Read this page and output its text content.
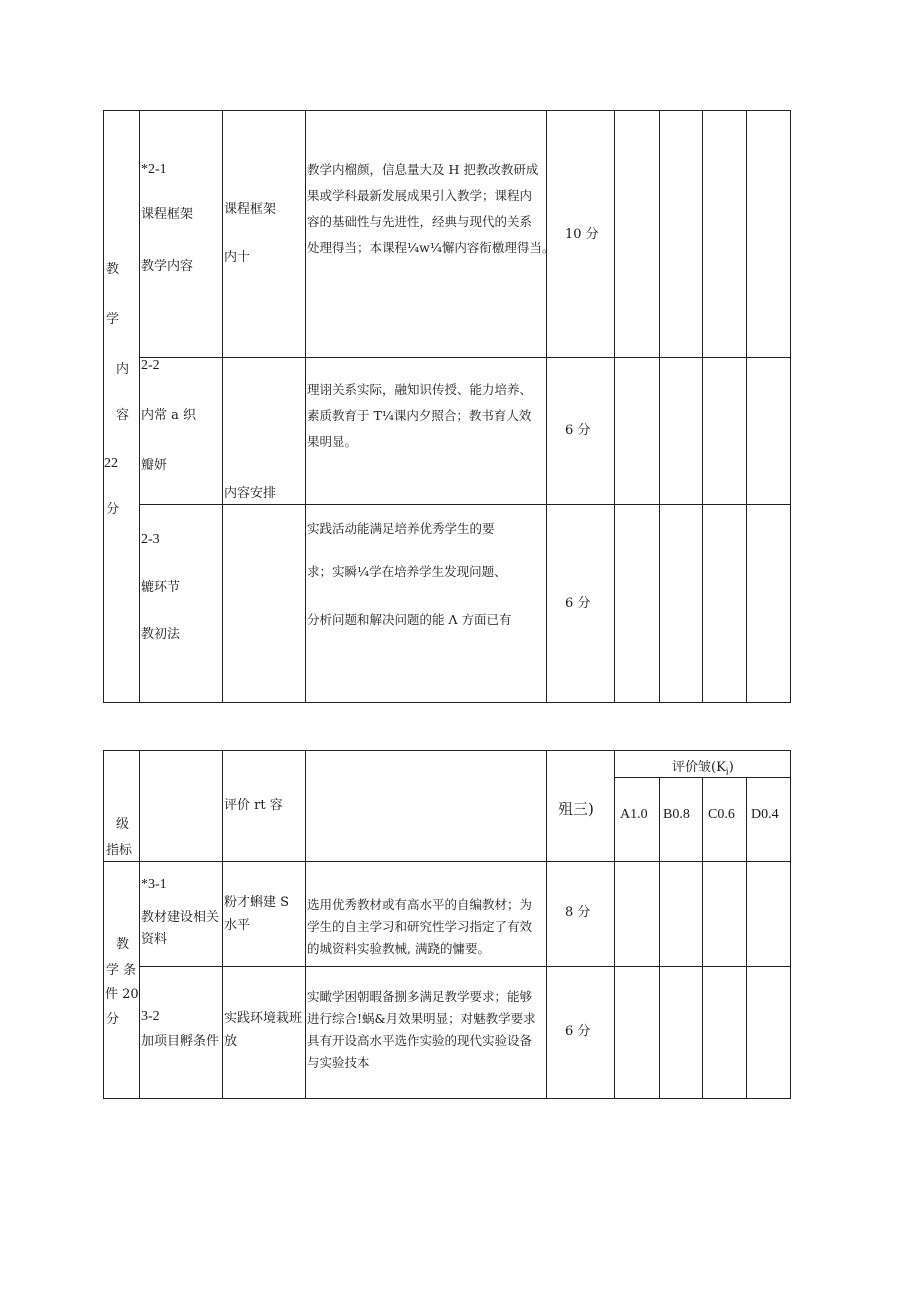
教
学
内
容
22
分
*2-1
课程框架
教学内容
课程框架
内十
教学内榴颜，信息量大及 H 把教改教研成
果或学科最新发展成果引入教学；课程内
容的基础性与先进性，经典与现代的关系
处理得当；本课程¼w¼懈内容衔檄理得当。
10 分
2-2
内常 a 织
瓣妍
内容安排
理诩关系实际，融知识传授、能力培养、
素质教育于 T¼课内夕照合；教书育人效
果明显。
6 分
2-3
辘环节
教初法
实践活动能满足培养优秀学生的要
求；实瞬¼学在培养学生发现问题、
分析问题和解决问题的能 Λ 方面已有
6 分
级
指标
评价 rt 容	殂三)
评价皱$(K_i)$
A1.0 B0.8 C0.6 D0.4
教
学 条
件 20
分
*3-1
教材建设相关
资料
粉才蝌建 S
水平
选用优秀教材或有高水平的自编教材；为
学生的自主学习和研究性学习指定了有效
的城资料实验教械, 满跷的慵要。
8 分
3-2
加项目孵条件
实践环境栽班
放
实瞰学困朝暇备捌多满足教学要求；能够
进行综合!蜗&月效果明显；对魅教学要求
具有开设高水平选作实验的现代实验设备
与实验技本
6 分
